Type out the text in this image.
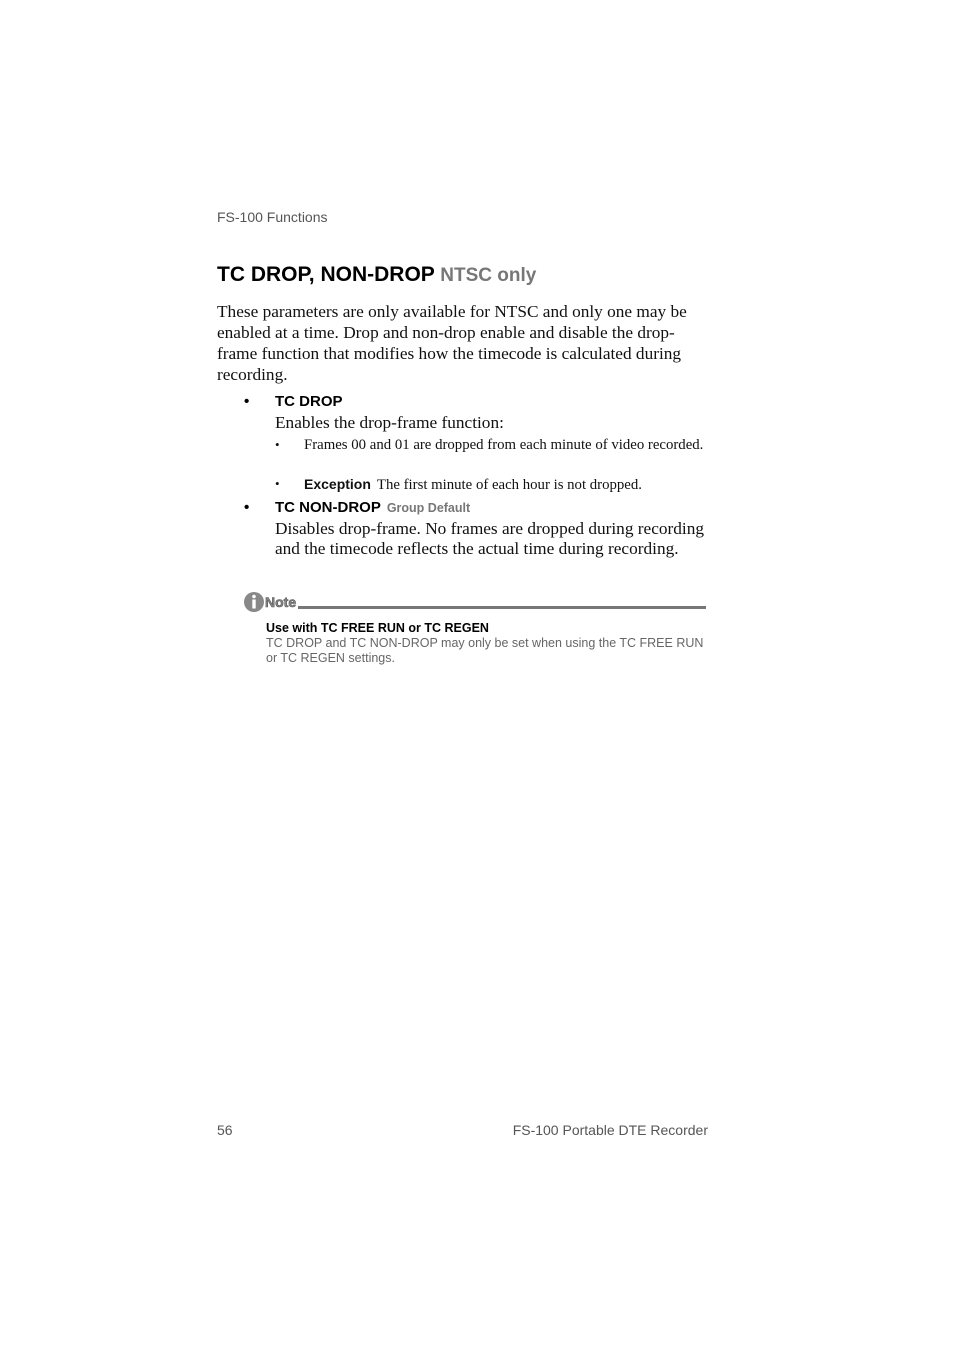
FS-100 Functions
TC DROP, NON-DROP NTSC only

These parameters are only available for NTSC and only one may be enabled at a time. Drop and non-drop enable and disable the drop-frame function that modifies how the timecode is calculated during recording.

• TC DROP

Enables the drop-frame function:

• Frames 00 and 01 are dropped from each minute of video recorded.

• Exception The first minute of each hour is not dropped.

• TC NON-DROP Group Default

Disables drop-frame. No frames are dropped during recording and the timecode reflects the actual time during recording.

Note
Use with TC FREE RUN or TC REGEN

TC DROP and TC NON-DROP may only be set when using the TC FREE RUN or TC REGEN settings.

56	FS-100 Portable DTE Recorder
